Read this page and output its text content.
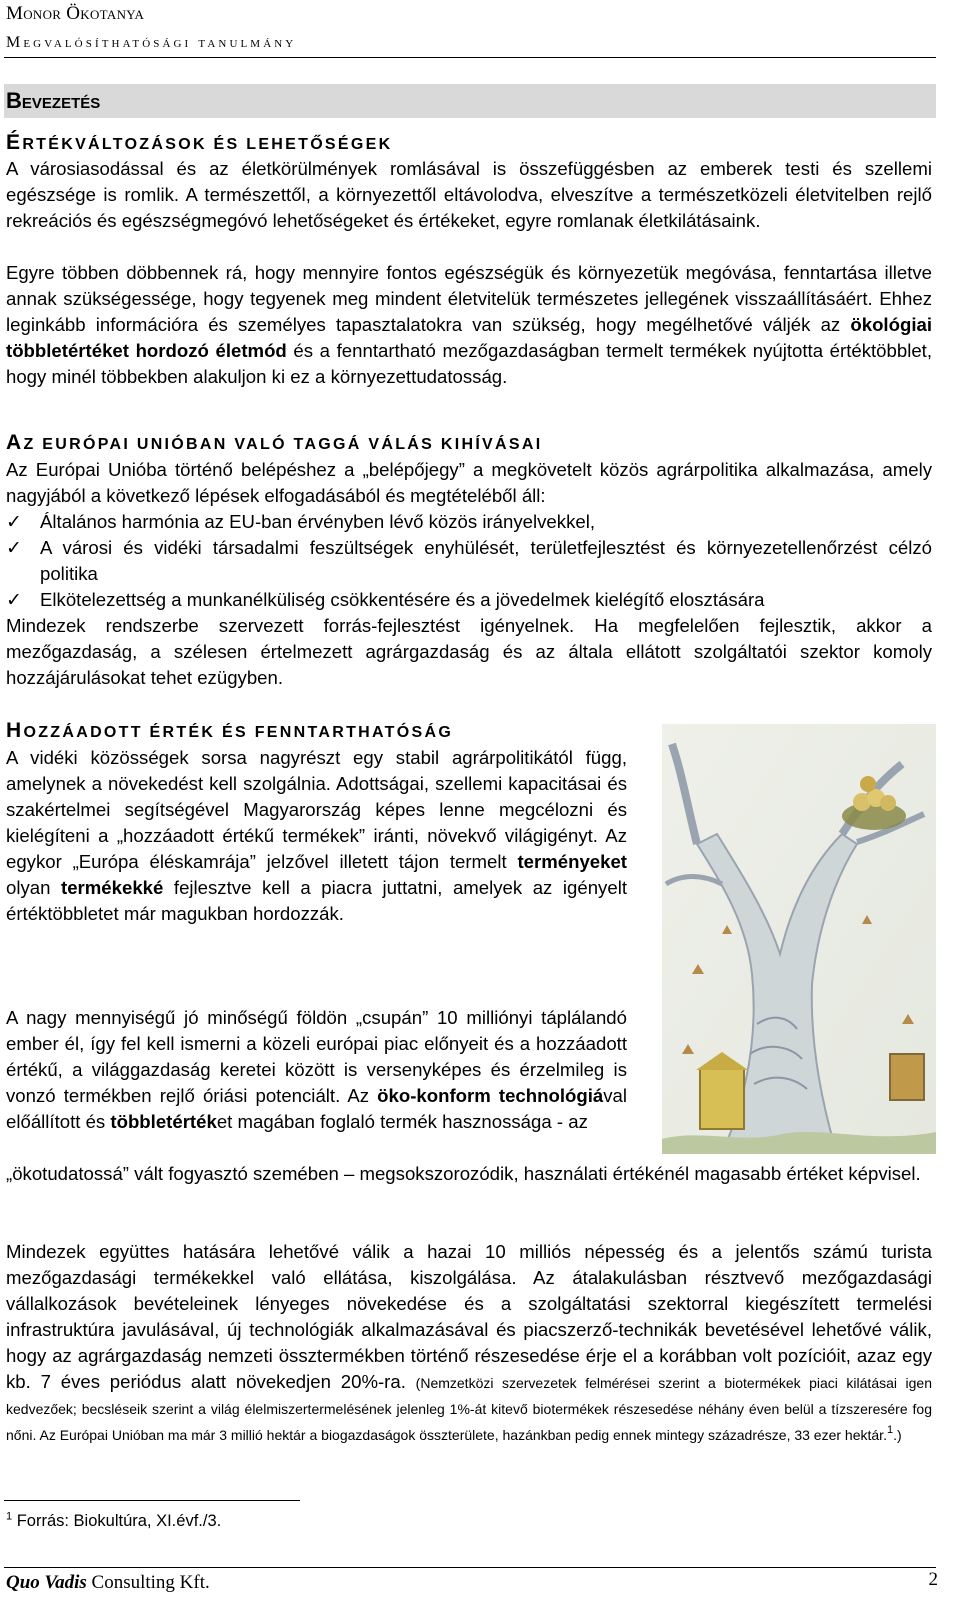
Monor Ökotanya
Megvalósíthatósági tanulmány
Bevezetés
ÉRTÉKVÁLTOZÁSOK ÉS LEHETŐSÉGEK
A városiasodással és az életkörülmények romlásával is összefüggésben az emberek testi és szellemi egészsége is romlik. A természettől, a környezettől eltávolodva, elveszítve a természetközeli életvitelben rejlő rekreációs és egészségmegóvó lehetőségeket és értékeket, egyre romlanak életkilátásaink.
Egyre többen döbbennek rá, hogy mennyire fontos egészségük és környezetük megóvása, fenntartása illetve annak szükségessége, hogy tegyenek meg mindent életvitelük természetes jellegének visszaállításáért. Ehhez leginkább információra és személyes tapasztalatokra van szükség, hogy megélhetővé váljék az ökológiai többletértéket hordozó életmód és a fenntartható mezőgazdaságban termelt termékek nyújtotta értéktöbblet, hogy minél többekben alakuljon ki ez a környezettudatosság.
AZ EURÓPAI UNIÓBAN VALÓ TAGGÁ VÁLÁS KIHÍVÁSAI
Az Európai Unióba történő belépéshez a „belépőjegy” a megkövetelt közös agrárpolitika alkalmazása, amely nagyjából a következő lépések elfogadásából és megtételéből áll:
✓ Általános harmónia az EU-ban érvényben lévő közös irányelvekkel,
✓ A városi és vidéki társadalmi feszültségek enyhülését, területfejlesztést és környezetellenőrzést célzó politika
✓ Elkötelezettség a munkanélküliség csökkentésére és a jövedelmek kielégítő elosztására
Mindezek rendszerbe szervezett forrás-fejlesztést igényelnek. Ha megfelelően fejlesztik, akkor a mezőgazdaság, a szélesen értelmezett agrárgazdaság és az általa ellátott szolgáltatói szektor komoly hozzájárulásokat tehet ezügyben.
HOZZÁADOTT ÉRTÉK ÉS FENNTARTHATÓSÁG
A vidéki közösségek sorsa nagyrészt egy stabil agrárpolitikától függ, amelynek a növekedést kell szolgálnia. Adottságai, szellemi kapacitásai és szakértelmei segítségével Magyarország képes lenne megcélozni és kielégíteni a „hozzáadott értékű termékek” iránti, növekvő világigényt. Az egykor „Európa éléskamrája” jelzővel illetett tájon termelt terményeket olyan termékekké fejlesztve kell a piacra juttatni, amelyek az igényelt értéktöbbletet már magukban hordozzák.
A nagy mennyiségű jó minőségű földön „csupán” 10 milliónyi táplálandó ember él, így fel kell ismerni a közeli európai piac előnyeit és a hozzáadott értékű, a világgazdaság keretei között is versenyképes és érzelmileg is vonzó termékben rejlő óriási potenciált. Az öko-konform technológiával előállított és többletértéket magában foglaló termék hasznossága - az
„ökotudatossá” vált fogyasztó szemében – megsokszorozódik, használati értékénél magasabb értéket képvisel.
Mindezek együttes hatására lehetővé válik a hazai 10 milliós népesség és a jelentős számú turista mezőgazdasági termékekkel való ellátása, kiszolgálása. Az átalakulásban résztvevő mezőgazdasági vállalkozások bevételeinek lényeges növekedése és a szolgáltatási szektorral kiegészített termelési infrastruktúra javulásával, új technológiák alkalmazásával és piacszerző-technikák bevetésével lehetővé válik, hogy az agrárgazdaság nemzeti össztermékben történő részesedése érje el a korábban volt pozícióit, azaz egy kb. 7 éves periódus alatt növekedjen 20%-ra. (Nemzetközi szervezetek felmérései szerint a biotermékek piaci kilátásai igen kedvezőek; becsléseik szerint a világ élelmiszertermelésének jelenleg 1%-át kitevő biotermékek részesedése néhány éven belül a tízszeresére fog nőni. Az Európai Unióban ma már 3 millió hektár a biogazdaságok összterülete, hazánkban pedig ennek mintegy századrésze, 33 ezer hektár.$^1$.)
$^1$ Forrás: Biokultúra, XI.évf./3.
Quo Vadis Consulting Kft.	2
